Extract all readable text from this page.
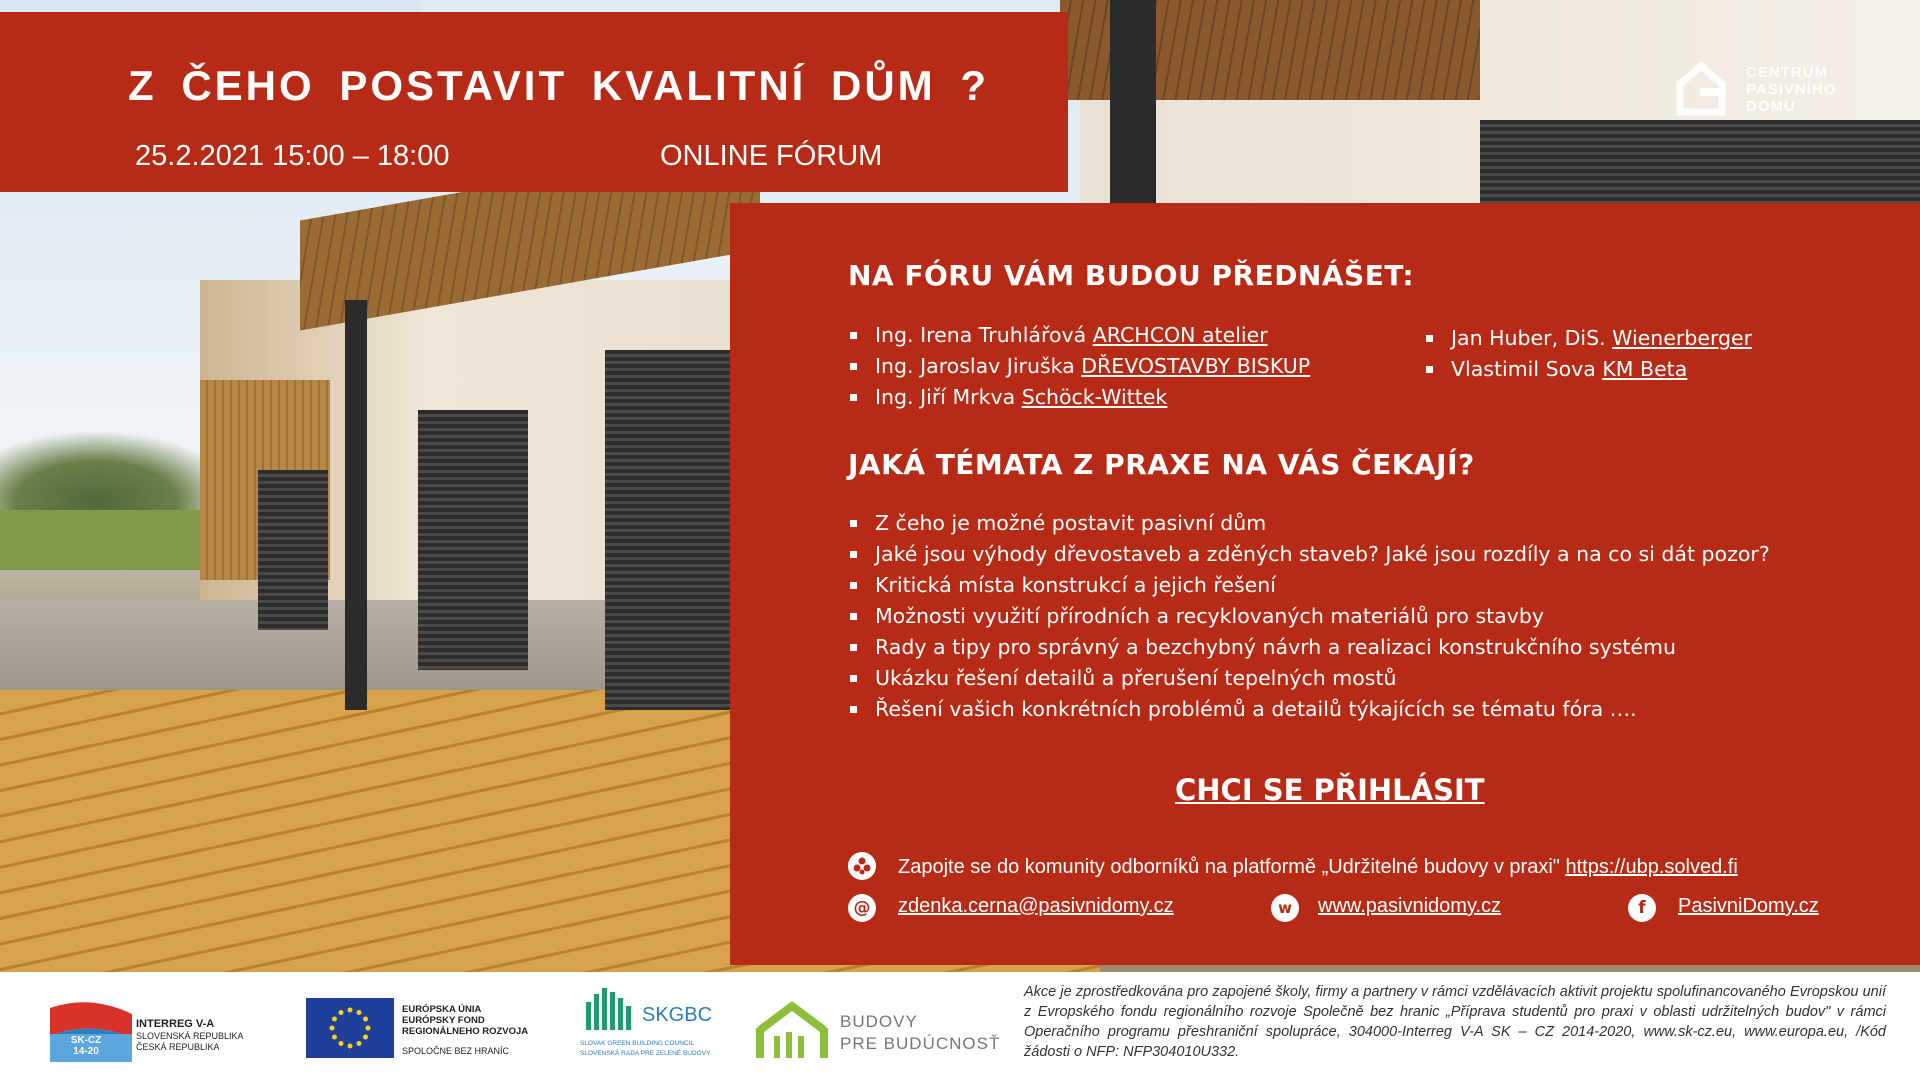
Z ČEHO POSTAVIT KVALITNÍ DŮM ?
25.2.2021 15:00 – 18:00	ONLINE FÓRUM
CENTRUM
PASIVNÍHO
DOMU
NA FÓRU VÁM BUDOU PŘEDNÁŠET:
Ing. Irena Truhlářová ARCHCON atelier
Ing. Jaroslav Jiruška DŘEVOSTAVBY BISKUP
Ing. Jiří Mrkva Schöck-Wittek
Jan Huber, DiS. Wienerberger
Vlastimil Sova KM Beta
JAKÁ TÉMATA Z PRAXE NA VÁS ČEKAJÍ?
Z čeho je možné postavit pasivní dům
Jaké jsou výhody dřevostaveb a zděných staveb? Jaké jsou rozdíly a na co si dát pozor?
Kritická místa konstrukcí a jejich řešení
Možnosti využití přírodních a recyklovaných materiálů pro stavby
Rady a tipy pro správný a bezchybný návrh a realizaci konstrukčního systému
Ukázku řešení detailů a přerušení tepelných mostů
Řešení vašich konkrétních problémů a detailů týkajících se tématu fóra ….
CHCI SE PŘIHLÁSIT
Zapojte se do komunity odborníků na platformě „Udržitelné budovy v praxi" https://ubp.solved.fi
@ zdenka.cerna@pasivnidomy.cz	w	www.pasivnidomy.cz	f	PasivniDomy.cz
SK-CZ
14-20
INTERREG V-A
SLOVENSKÁ REPUBLIKA
ČESKÁ REPUBLIKA
EURÓPSKA ÚNIA
EURÓPSKY FOND
REGIONÁLNEHO ROZVOJA
SPOLOČNE BEZ HRANÍC
SKGBC
SLOVAK GREEN BUILDING COUNCIL
SLOVENSKÁ RADA PRE ZELENÉ BUDOVY
BUDOVY
PRE BUDÚCNOSŤ
Akce je zprostředkována pro zapojené školy, firmy a partnery v rámci vzdělávacích aktivit projektu spolufinancovaného Evropskou unií z Evropského fondu regionálního rozvoje Společně bez hranic „Příprava studentů pro praxi v oblasti udržitelných budov" v rámci Operačního programu přeshraniční spolupráce, 304000-Interreg V-A SK – CZ 2014-2020, www.sk-cz.eu, www.europa.eu, /Kód žádosti o NFP: NFP304010U332.
